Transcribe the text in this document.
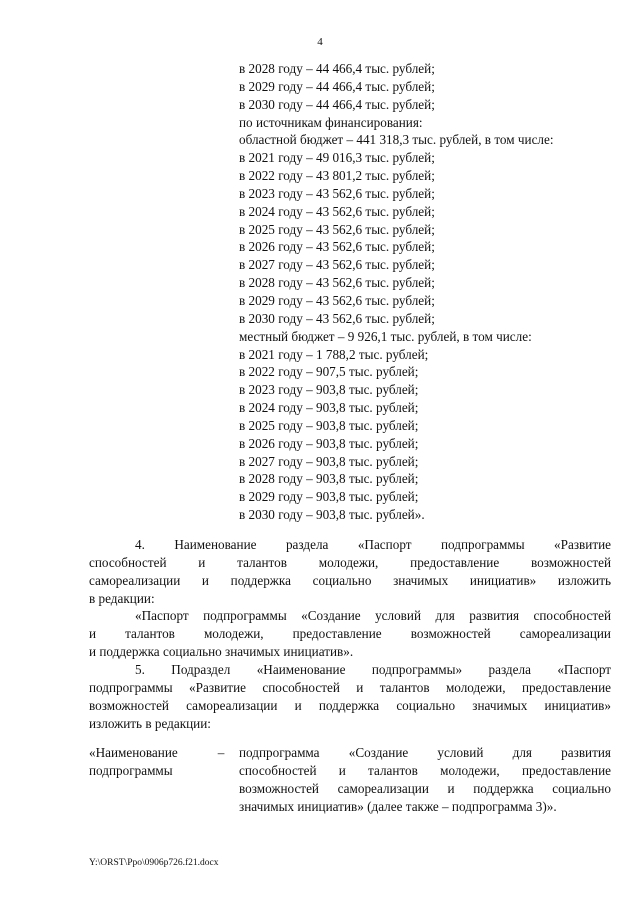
4
в 2028 году – 44 466,4 тыс. рублей;
в 2029 году – 44 466,4 тыс. рублей;
в 2030 году – 44 466,4 тыс. рублей;
по источникам финансирования:
областной бюджет – 441 318,3 тыс. рублей, в том числе:
в 2021 году – 49 016,3 тыс. рублей;
в 2022 году – 43 801,2 тыс. рублей;
в 2023 году – 43 562,6 тыс. рублей;
в 2024 году – 43 562,6 тыс. рублей;
в 2025 году – 43 562,6 тыс. рублей;
в 2026 году – 43 562,6 тыс. рублей;
в 2027 году – 43 562,6 тыс. рублей;
в 2028 году – 43 562,6 тыс. рублей;
в 2029 году – 43 562,6 тыс. рублей;
в 2030 году – 43 562,6 тыс. рублей;
местный бюджет – 9 926,1 тыс. рублей, в том числе:
в 2021 году – 1 788,2 тыс. рублей;
в 2022 году – 907,5 тыс. рублей;
в 2023 году – 903,8 тыс. рублей;
в 2024 году – 903,8 тыс. рублей;
в 2025 году – 903,8 тыс. рублей;
в 2026 году – 903,8 тыс. рублей;
в 2027 году – 903,8 тыс. рублей;
в 2028 году – 903,8 тыс. рублей;
в 2029 году – 903,8 тыс. рублей;
в 2030 году – 903,8 тыс. рублей».
4. Наименование раздела «Паспорт подпрограммы «Развитие
способностей и талантов молодежи, предоставление возможностей
самореализации и поддержка социально значимых инициатив» изложить
в редакции:
«Паспорт подпрограммы «Создание условий для развития способностей
и талантов молодежи, предоставление возможностей самореализации
и поддержка социально значимых инициатив».
5. Подраздел «Наименование подпрограммы» раздела «Паспорт
подпрограммы «Развитие способностей и талантов молодежи, предоставление
возможностей самореализации и поддержка социально значимых инициатив»
изложить в редакции:
«Наименование	–
подпрограммы
подпрограмма «Создание условий для развития
способностей и талантов молодежи, предоставление
возможностей самореализации и поддержка социально
значимых инициатив» (далее также – подпрограмма 3)».
Y:\ORST\Ppo\0906p726.f21.docx
